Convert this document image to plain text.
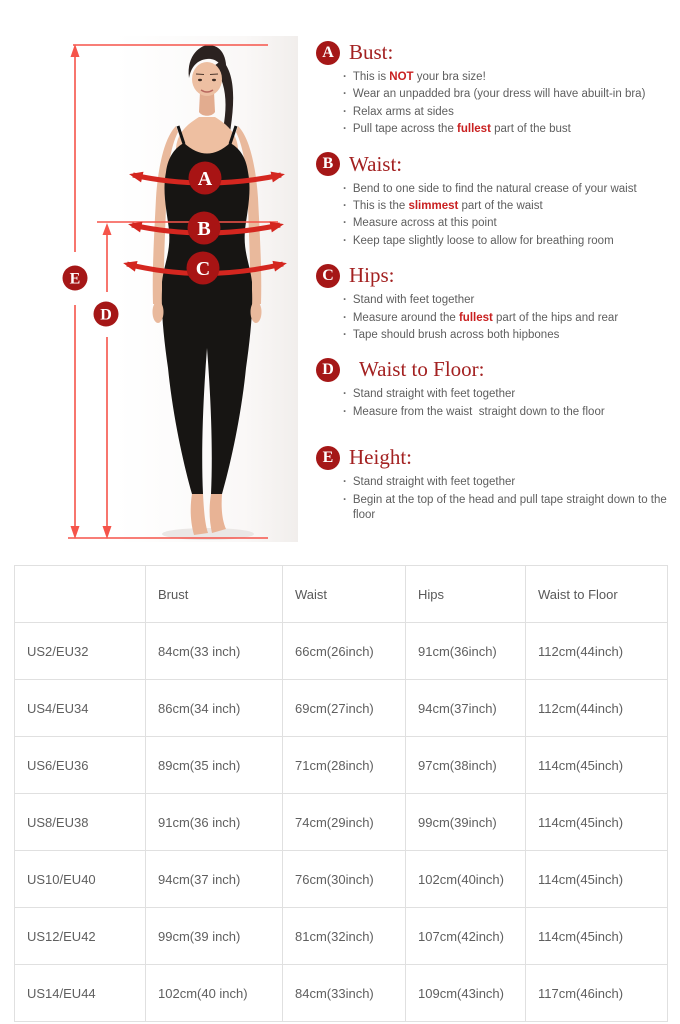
A
B
C
D
E
A Bust:
· This is NOT your bra size!
· Wear an unpadded bra (your dress will have abuilt-in bra)
· Relax arms at sides
· Pull tape across the fullest part of the bust
B Waist:
· Bend to one side to find the natural crease of your waist
· This is the slimmest part of the waist
· Measure across at this point
· Keep tape slightly loose to allow for breathing room
C Hips:
· Stand with feet together
· Measure around the fullest part of the hips and rear
· Tape should brush across both hipbones
D Waist to Floor:
· Stand straight with feet together
· Measure from the waist  straight down to the floor
E Height:
· Stand straight with feet together
· Begin at the top of the head and pull tape straight down to the floor
	Brust	Waist	Hips	Waist to Floor
US2/EU32	84cm(33 inch)	66cm(26inch)	91cm(36inch)	112cm(44inch)
US4/EU34	86cm(34 inch)	69cm(27inch)	94cm(37inch)	112cm(44inch)
US6/EU36	89cm(35 inch)	71cm(28inch)	97cm(38inch)	114cm(45inch)
US8/EU38	91cm(36 inch)	74cm(29inch)	99cm(39inch)	114cm(45inch)
US10/EU40	94cm(37 inch)	76cm(30inch)	102cm(40inch)	114cm(45inch)
US12/EU42	99cm(39 inch)	81cm(32inch)	107cm(42inch)	114cm(45inch)
US14/EU44	102cm(40 inch)	84cm(33inch)	109cm(43inch)	117cm(46inch)
